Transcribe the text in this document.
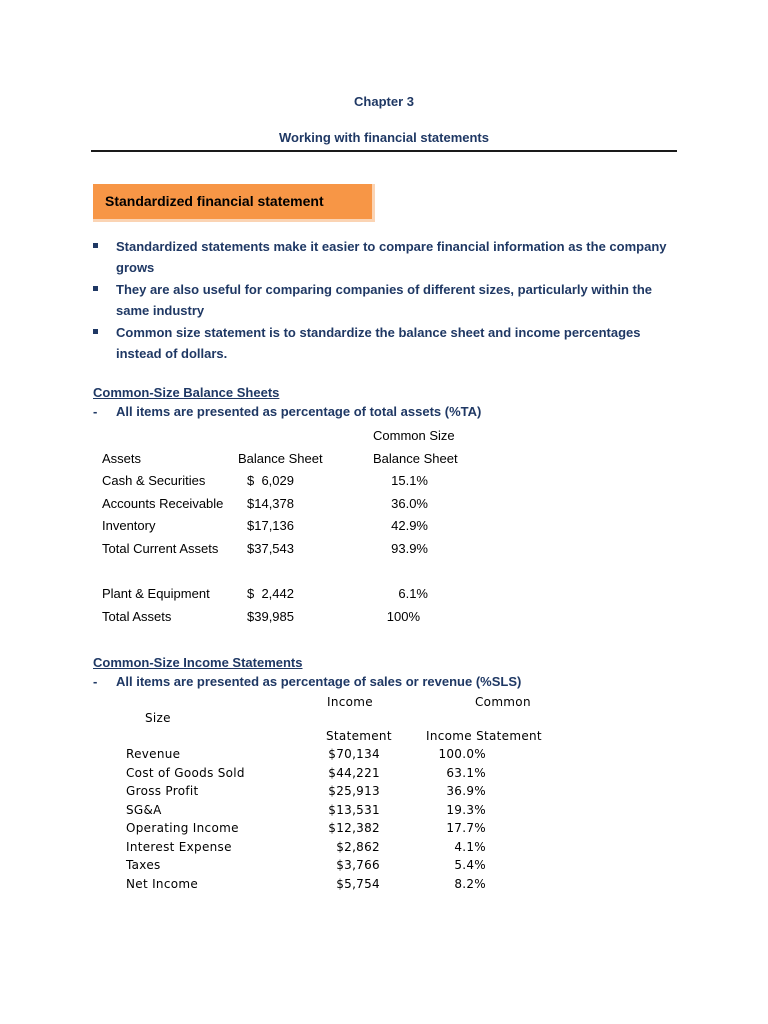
Chapter 3
Working with financial statements
Standardized financial statement
Standardized statements make it easier to compare financial information as the company grows
They are also useful for comparing companies of different sizes, particularly within the same industry
Common size statement is to standardize the balance sheet and income percentages instead of dollars.
Common-Size Balance Sheets
- All items are presented as percentage of total assets (%TA)
Common Size
Assets	Balance Sheet	Balance Sheet
Cash & Securities	$  6,029	15.1%
Accounts Receivable $14,378	36.0%
Inventory	$17,136	42.9%
Total Current Assets $37,543	93.9%
Plant & Equipment	$  2,442	6.1%
Total Assets	$39,985	100%
Common-Size Income Statements
- All items are presented as percentage of sales or revenue (%SLS)
Income	Common
Size
Statement	Income Statement
Revenue	$70,134	100.0%
Cost of Goods Sold	$44,221	63.1%
Gross Profit	$25,913	36.9%
SG&A	$13,531	19.3%
Operating Income	$12,382	17.7%
Interest Expense	$2,862	4.1%
Taxes	$3,766	5.4%
Net Income	$5,754	8.2%
